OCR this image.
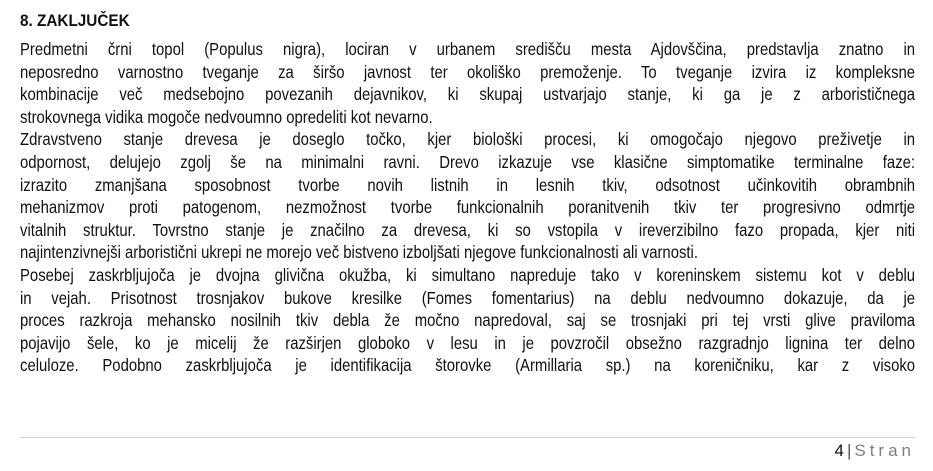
8. ZAKLJUČEK
Predmetni črni topol (Populus nigra), lociran v urbanem središču mesta Ajdovščina, predstavlja znatno in
neposredno varnostno tveganje za širšo javnost ter okoliško premoženje. To tveganje izvira iz kompleksne
kombinacije več medsebojno povezanih dejavnikov, ki skupaj ustvarjajo stanje, ki ga je z arborističnega
strokovnega vidika mogoče nedvoumno opredeliti kot nevarno.
Zdravstveno stanje drevesa je doseglo točko, kjer biološki procesi, ki omogočajo njegovo preživetje in
odpornost, delujejo zgolj še na minimalni ravni. Drevo izkazuje vse klasične simptomatike terminalne faze:
izrazito zmanjšana sposobnost tvorbe novih listnih in lesnih tkiv, odsotnost učinkovitih obrambnih
mehanizmov proti patogenom, nezmožnost tvorbe funkcionalnih poranitvenih tkiv ter progresivno odmrtje
vitalnih struktur. Tovrstno stanje je značilno za drevesa, ki so vstopila v ireverzibilno fazo propada, kjer niti
najintenzivnejši arboristični ukrepi ne morejo več bistveno izboljšati njegove funkcionalnosti ali varnosti.
Posebej zaskrbljujoča je dvojna glivična okužba, ki simultano napreduje tako v koreninskem sistemu kot v deblu
in vejah. Prisotnost trosnjakov bukove kresilke (Fomes fomentarius) na deblu nedvoumno dokazuje, da je
proces razkroja mehansko nosilnih tkiv debla že močno napredoval, saj se trosnjaki pri tej vrsti glive praviloma
pojavijo šele, ko je micelij že razširjen globoko v lesu in je povzročil obsežno razgradnjo lignina ter delno
celuloze. Podobno zaskrbljujoča je identifikacija štorovke (Armillaria sp.) na koreničniku, kar z visoko
4 | Stran
